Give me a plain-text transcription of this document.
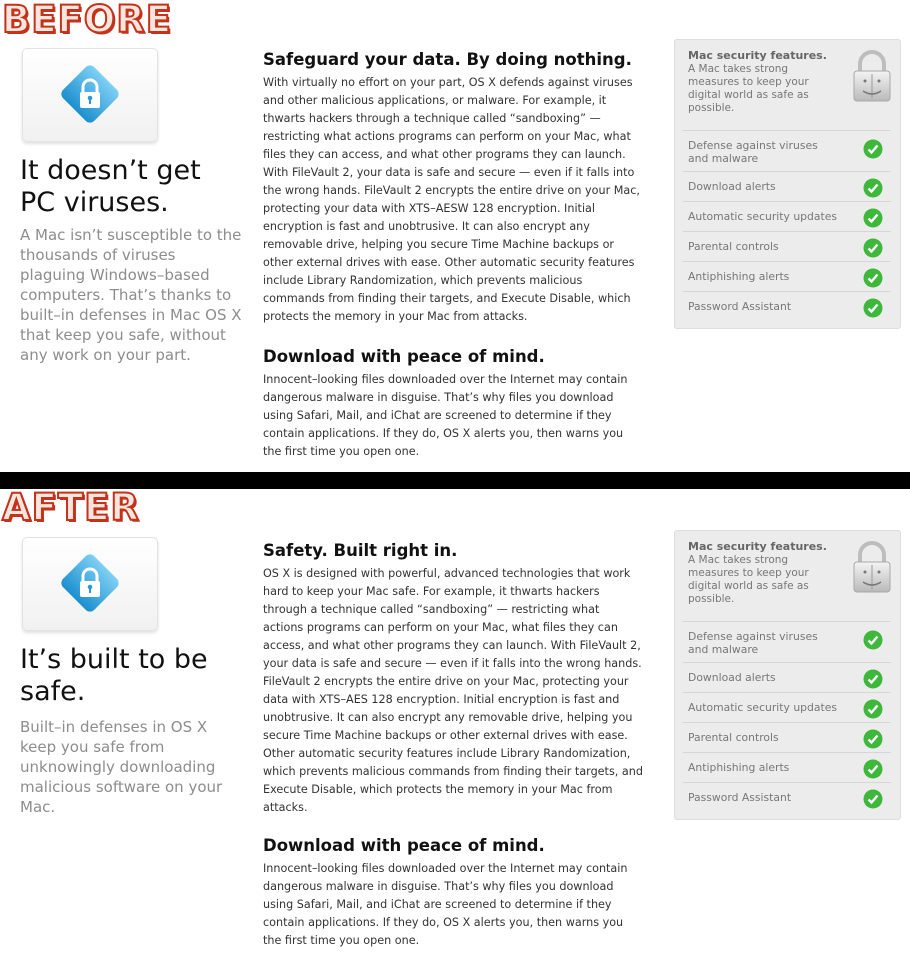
BEFORE
It doesn’t get PC viruses.

A Mac isn’t susceptible to the thousands of viruses plaguing Windows–based computers. That’s thanks to built–in defenses in Mac OS X that keep you safe, without any work on your part.

Safeguard your data. By doing nothing.

With virtually no effort on your part, OS X defends against viruses and other malicious applications, or malware. For example, it thwarts hackers through a technique called “sandboxing” — restricting what actions programs can perform on your Mac, what files they can access, and what other programs they can launch. With FileVault 2, your data is safe and secure — even if it falls into the wrong hands. FileVault 2 encrypts the entire drive on your Mac, protecting your data with XTS–AESW 128 encryption. Initial encryption is fast and unobtrusive. It can also encrypt any removable drive, helping you secure Time Machine backups or other external drives with ease. Other automatic security features include Library Randomization, which prevents malicious commands from finding their targets, and Execute Disable, which protects the memory in your Mac from attacks.

Download with peace of mind.

Innocent–looking files downloaded over the Internet may contain dangerous malware in disguise. That’s why files you download using Safari, Mail, and iChat are screened to determine if they contain applications. If they do, OS X alerts you, then warns you the first time you open one.

Mac security features.
A Mac takes strong measures to keep your digital world as safe as possible.
Defense against viruses and malware
Download alerts
Automatic security updates
Parental controls
Antiphishing alerts
Password Assistant
AFTER
It’s built to be safe.

Built–in defenses in OS X keep you safe from unknowingly downloading malicious software on your Mac.

Safety. Built right in.

OS X is designed with powerful, advanced technologies that work hard to keep your Mac safe. For example, it thwarts hackers through a technique called “sandboxing” — restricting what actions programs can perform on your Mac, what files they can access, and what other programs they can launch. With FileVault 2, your data is safe and secure — even if it falls into the wrong hands. FileVault 2 encrypts the entire drive on your Mac, protecting your data with XTS–AES 128 encryption. Initial encryption is fast and unobtrusive. It can also encrypt any removable drive, helping you secure Time Machine backups or other external drives with ease. Other automatic security features include Library Randomization, which prevents malicious commands from finding their targets, and Execute Disable, which protects the memory in your Mac from attacks.

Download with peace of mind.

Innocent–looking files downloaded over the Internet may contain dangerous malware in disguise. That’s why files you download using Safari, Mail, and iChat are screened to determine if they contain applications. If they do, OS X alerts you, then warns you the first time you open one.

Mac security features.
A Mac takes strong measures to keep your digital world as safe as possible.
Defense against viruses and malware
Download alerts
Automatic security updates
Parental controls
Antiphishing alerts
Password Assistant
